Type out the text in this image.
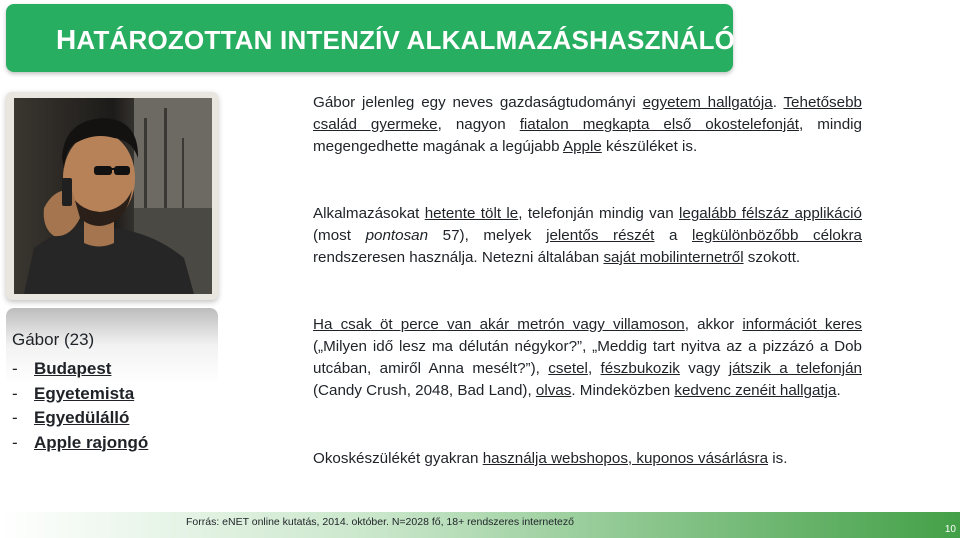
HATÁROZOTTAN INTENZÍV ALKALMAZÁSHASZNÁLÓ
Gábor (23)
- Budapest
- Egyetemista
- Egyedülálló
- Apple rajongó

Gábor jelenleg egy neves gazdaságtudományi egyetem hallgatója. Tehetősebb család gyermeke, nagyon fiatalon megkapta első okostelefonját, mindig megengedhette magának a legújabb Apple készüléket is.

Alkalmazásokat hetente tölt le, telefonján mindig van legalább félszáz applikáció (most pontosan 57), melyek jelentős részét a legkülönbözőbb célokra rendszeresen használja. Netezni általában saját mobilinternetről szokott.

Ha csak öt perce van akár metrón vagy villamoson, akkor információt keres („Milyen idő lesz ma délután négykor?”, „Meddig tart nyitva az a pizzázó a Dob utcában, amiről Anna mesélt?”), csetel, fészbukozik vagy játszik a telefonján (Candy Crush, 2048, Bad Land), olvas. Mindeközben kedvenc zenéit hallgatja.

Okoskészülékét gyakran használja webshopos, kuponos vásárlásra is.

Forrás: eNET online kutatás, 2014. október. N=2028 fő, 18+ rendszeres internetező
10
